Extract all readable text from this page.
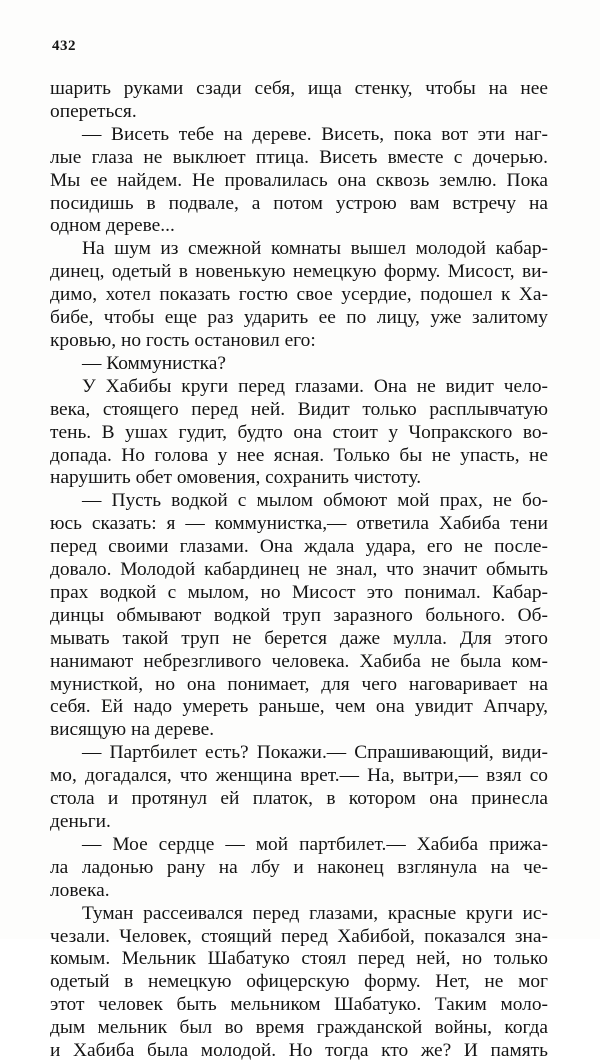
432
шарить руками сзади себя, ища стенку, чтобы на нее
опереться.
— Висеть тебе на дереве. Висеть, пока вот эти наг-
лые глаза не выклюет птица. Висеть вместе с дочерью.
Мы ее найдем. Не провалилась она сквозь землю. Пока
посидишь в подвале, а потом устрою вам встречу на
одном дереве...
На шум из смежной комнаты вышел молодой кабар-
динец, одетый в новенькую немецкую форму. Мисост, ви-
димо, хотел показать гостю свое усердие, подошел к Ха-
бибе, чтобы еще раз ударить ее по лицу, уже залитому
кровью, но гость остановил его:
— Коммунистка?
У Хабибы круги перед глазами. Она не видит чело-
века, стоящего перед ней. Видит только расплывчатую
тень. В ушах гудит, будто она стоит у Чопракского во-
допада. Но голова у нее ясная. Только бы не упасть, не
нарушить обет омовения, сохранить чистоту.
— Пусть водкой с мылом обмоют мой прах, не бо-
юсь сказать: я — коммунистка,— ответила Хабиба тени
перед своими глазами. Она ждала удара, его не после-
довало. Молодой кабардинец не знал, что значит обмыть
прах водкой с мылом, но Мисост это понимал. Кабар-
динцы обмывают водкой труп заразного больного. Об-
мывать такой труп не берется даже мулла. Для этого
нанимают небрезгливого человека. Хабиба не была ком-
мунисткой, но она понимает, для чего наговаривает на
себя. Ей надо умереть раньше, чем она увидит Апчару,
висящую на дереве.
— Партбилет есть? Покажи.— Спрашивающий, види-
мо, догадался, что женщина врет.— На, вытри,— взял со
стола и протянул ей платок, в котором она принесла
деньги.
— Мое сердце — мой партбилет.— Хабиба прижа-
ла ладонью рану на лбу и наконец взглянула на че-
ловека.
Туман рассеивался перед глазами, красные круги ис-
чезали. Человек, стоящий перед Хабибой, показался зна-
комым. Мельник Шабатуко стоял перед ней, но только
одетый в немецкую офицерскую форму. Нет, не мог
этот человек быть мельником Шабатуко. Таким моло-
дым мельник был во время гражданской войны, когда
и Хабиба была молодой. Но тогда кто же? И память
